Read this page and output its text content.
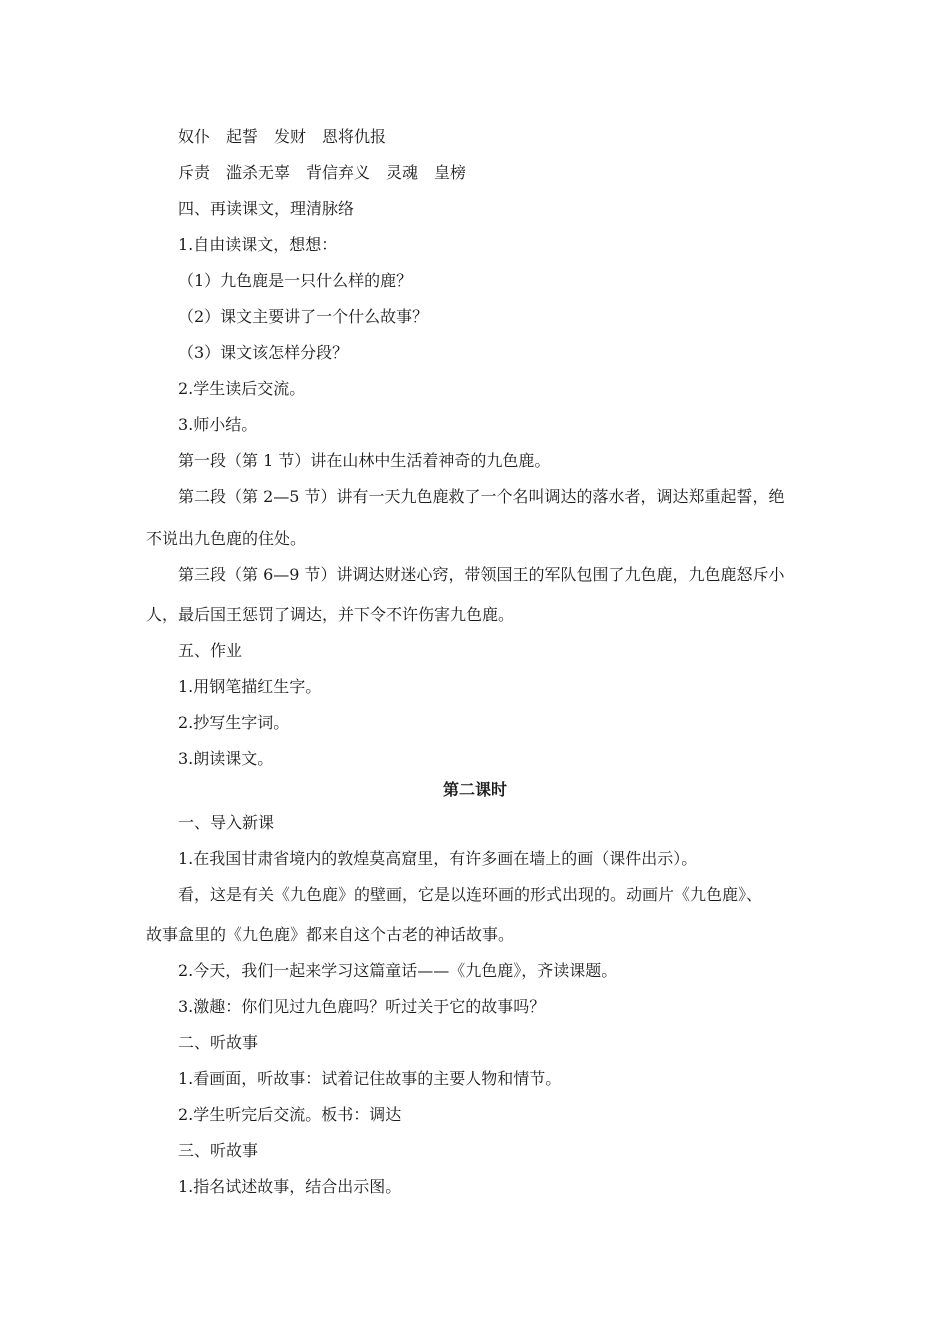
奴仆　起誓　发财　恩将仇报
斥责　滥杀无辜　背信弃义　灵魂　皇榜
四、再读课文，理清脉络
1.自由读课文，想想：
（1）九色鹿是一只什么样的鹿？
（2）课文主要讲了一个什么故事？
（3）课文该怎样分段？
2.学生读后交流。
3.师小结。
第一段（第 1 节）讲在山林中生活着神奇的九色鹿。
第二段（第 2—5 节）讲有一天九色鹿救了一个名叫调达的落水者，调达郑重起誓，绝
不说出九色鹿的住处。
第三段（第 6—9 节）讲调达财迷心窍，带领国王的军队包围了九色鹿，九色鹿怒斥小
人，最后国王惩罚了调达，并下令不许伤害九色鹿。
五、作业
1.用钢笔描红生字。
2.抄写生字词。
3.朗读课文。
第二课时
一、导入新课
1.在我国甘肃省境内的敦煌莫高窟里，有许多画在墙上的画（课件出示）。
看，这是有关《九色鹿》的壁画，它是以连环画的形式出现的。动画片《九色鹿》、
故事盒里的《九色鹿》都来自这个古老的神话故事。
2.今天，我们一起来学习这篇童话——《九色鹿》，齐读课题。
3.激趣：你们见过九色鹿吗？听过关于它的故事吗？
二、听故事
1.看画面，听故事：试着记住故事的主要人物和情节。
2.学生听完后交流。板书：调达
三、听故事
1.指名试述故事，结合出示图。
